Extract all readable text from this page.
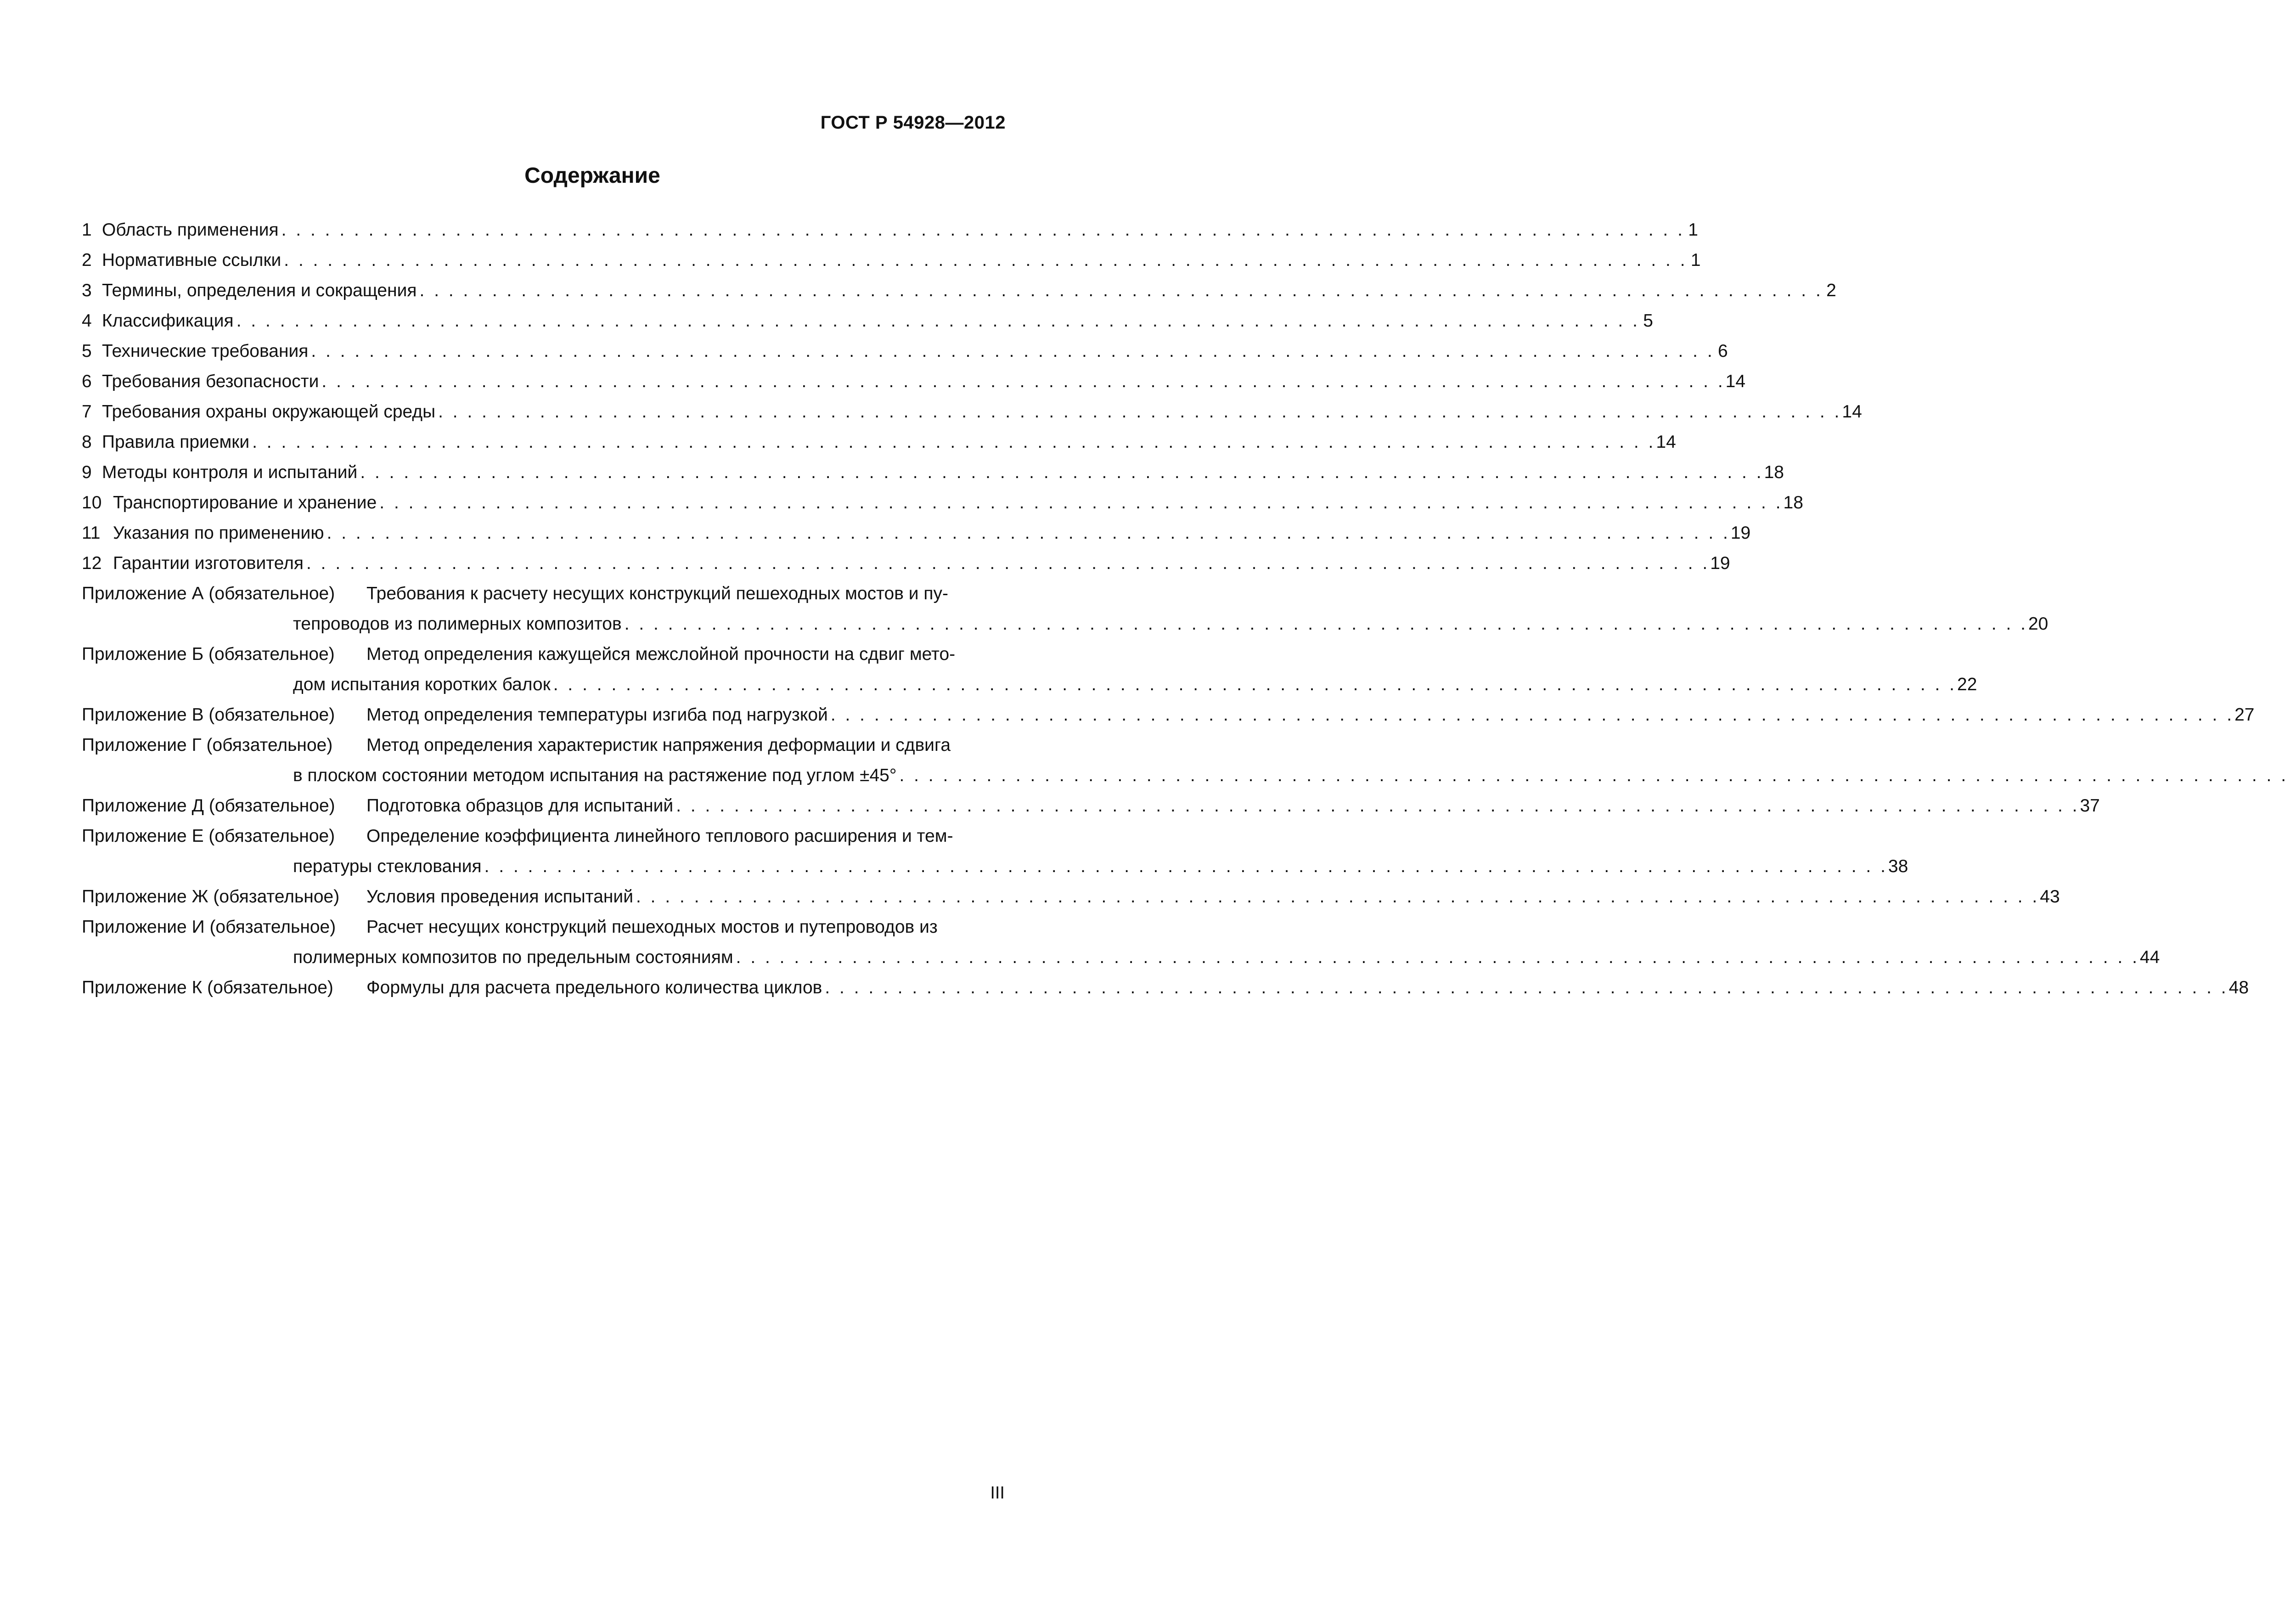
ГОСТ Р 54928—2012
Содержание
1 Область применения . . .	1
2 Нормативные ссылки . . .	1
3 Термины, определения и сокращения . . .	2
4 Классификация . . .	5
5 Технические требования . . .	6
6 Требования безопасности . . .	14
7 Требования охраны окружающей среды . . .	14
8 Правила приемки . . .	14
9 Методы контроля и испытаний . . .	18
10 Транспортирование и хранение . . .	18
11 Указания по применению . . .	19
12 Гарантии изготовителя . . .	19
Приложение А (обязательное)	Требования к расчету несущих конструкций пешеходных мостов и пу-
тепроводов из полимерных композитов . . .	20
Приложение Б (обязательное)	Метод определения кажущейся межслойной прочности на сдвиг мето-
дом испытания коротких балок . . .	22
Приложение В (обязательное)	Метод определения температуры изгиба под нагрузкой . . .	27
Приложение Г (обязательное)	Метод определения характеристик напряжения деформации и сдвига
в плоском состоянии методом испытания на растяжение под углом ±45°
. . .
Приложение Д (обязательное)	Подготовка образцов для испытаний . . .	37
Приложение Е (обязательное)	Определение коэффициента линейного теплового расширения и тем-
пературы стеклования . . .	38
Приложение Ж (обязательное)	Условия проведения испытаний . . .	43
Приложение И (обязательное)	Расчет несущих конструкций пешеходных мостов и путепроводов из
полимерных композитов по предельным состояниям . . .	44
Приложение К (обязательное)	Формулы для расчета предельного количества циклов . . .	48
III
